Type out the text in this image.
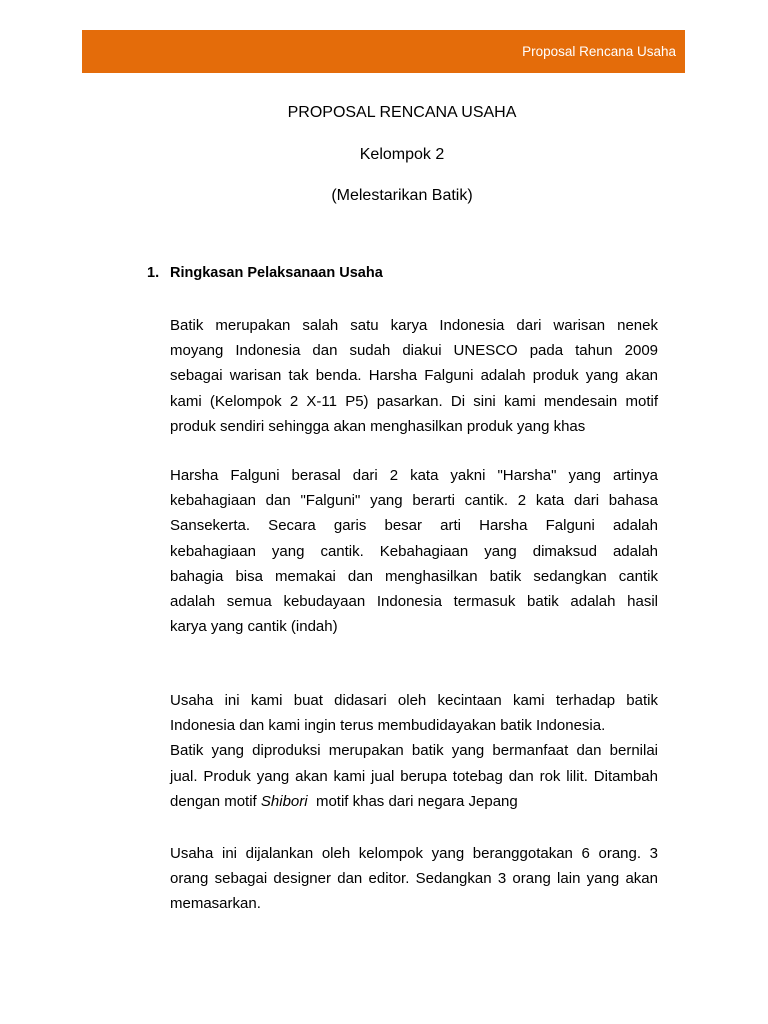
Proposal Rencana Usaha

PROPOSAL RENCANA USAHA

Kelompok 2

(Melestarikan Batik)

1. Ringkasan Pelaksanaan Usaha
Batik merupakan salah satu karya Indonesia dari warisan nenek
moyang Indonesia dan sudah diakui UNESCO pada tahun 2009
sebagai warisan tak benda. Harsha Falguni adalah produk yang akan
kami (Kelompok 2 X-11 P5) pasarkan. Di sini kami mendesain motif
produk sendiri sehingga akan menghasilkan produk yang khas
Harsha Falguni berasal dari 2 kata yakni "Harsha" yang artinya
kebahagiaan dan "Falguni" yang berarti cantik. 2 kata dari bahasa
Sansekerta. Secara garis besar arti Harsha Falguni adalah
kebahagiaan yang cantik. Kebahagiaan yang dimaksud adalah
bahagia bisa memakai dan menghasilkan batik sedangkan cantik
adalah semua kebudayaan Indonesia termasuk batik adalah hasil
karya yang cantik (indah)
Usaha ini kami buat didasari oleh kecintaan kami terhadap batik
Indonesia dan kami ingin terus membudidayakan batik Indonesia.
Batik yang diproduksi merupakan batik yang bermanfaat dan bernilai
jual. Produk yang akan kami jual berupa totebag dan rok lilit. Ditambah
dengan motif Shibori  motif khas dari negara Jepang
Usaha ini dijalankan oleh kelompok yang beranggotakan 6 orang. 3
orang sebagai designer dan editor. Sedangkan 3 orang lain yang akan
memasarkan.
